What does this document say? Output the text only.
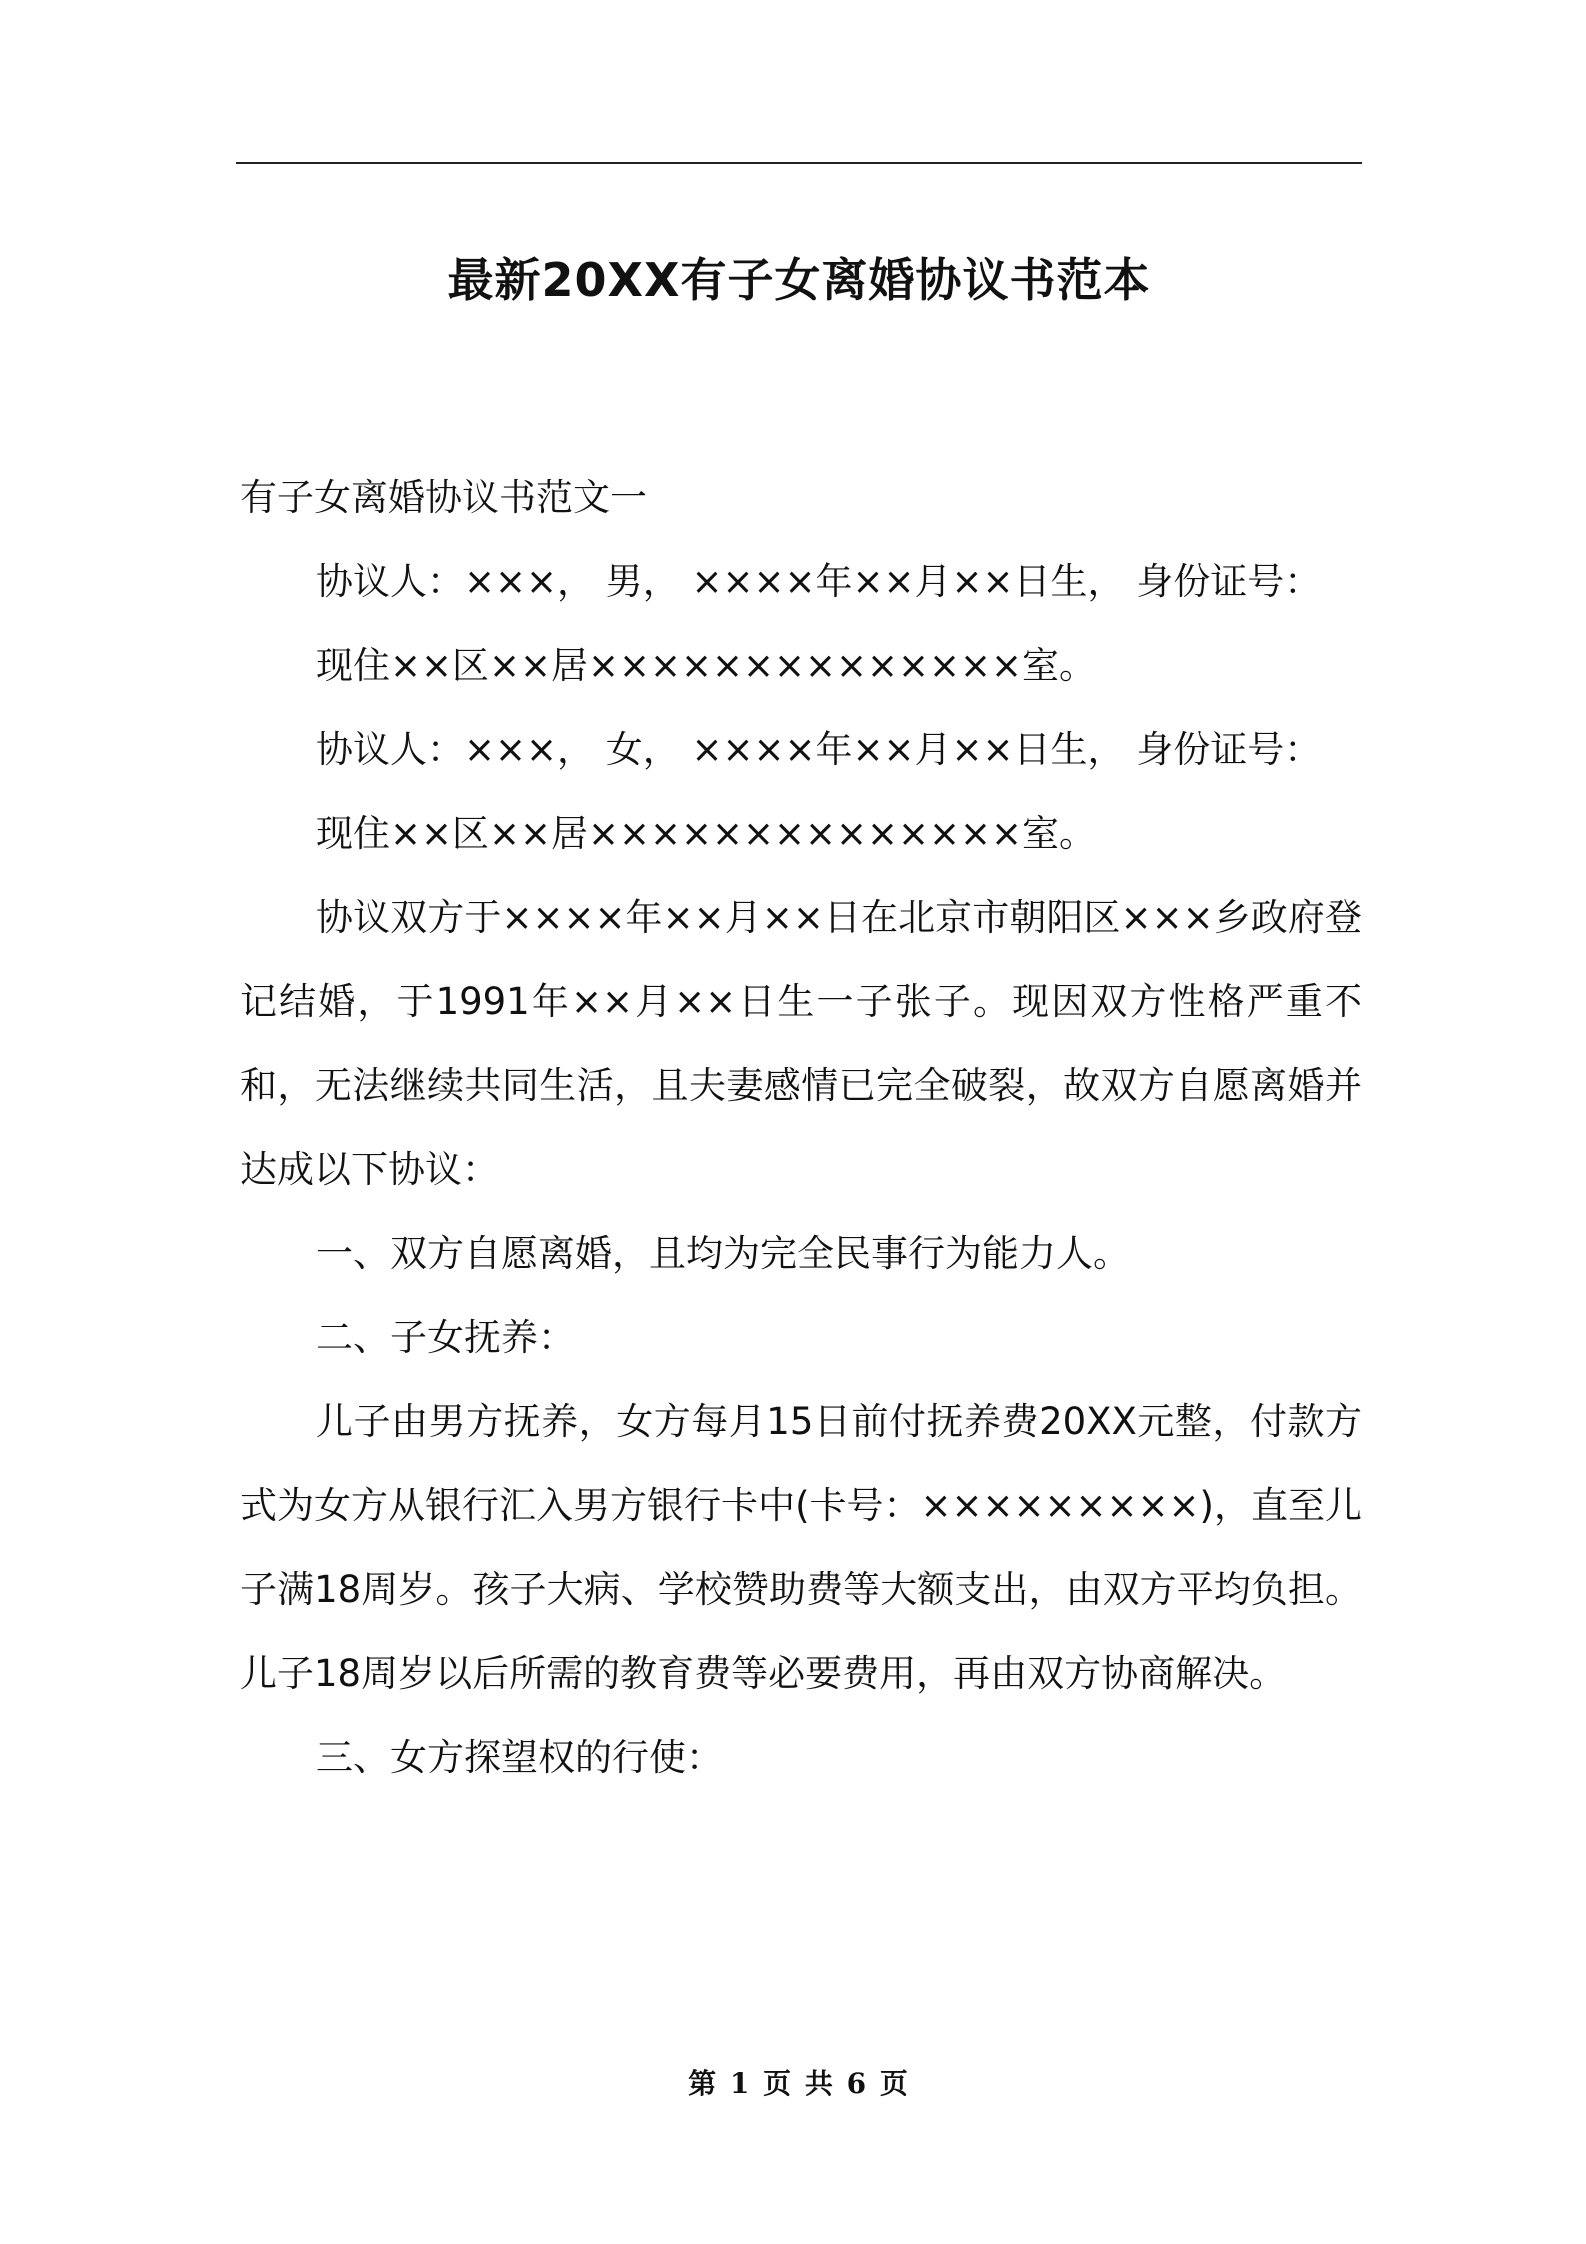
最新20XX有子女离婚协议书范本

有子女离婚协议书范文一

协议人：×××， 男， ××××年××月××日生， 身份证号：

现住××区××居××××××××××××××室。

协议人：×××， 女， ××××年××月××日生， 身份证号：

现住××区××居××××××××××××××室。

协议双方于××××年××月××日在北京市朝阳区×××乡政府登记结婚，于1991年××月××日生一子张子。现因双方性格严重不和，无法继续共同生活，且夫妻感情已完全破裂，故双方自愿离婚并达成以下协议：

一、双方自愿离婚，且均为完全民事行为能力人。

二、子女抚养：

儿子由男方抚养，女方每月15日前付抚养费20XX元整，付款方式为女方从银行汇入男方银行卡中(卡号：×××××××××)，直至儿子满18周岁。孩子大病、学校赞助费等大额支出，由双方平均负担。儿子18周岁以后所需的教育费等必要费用，再由双方协商解决。

三、女方探望权的行使：

第 1 页 共 6 页
